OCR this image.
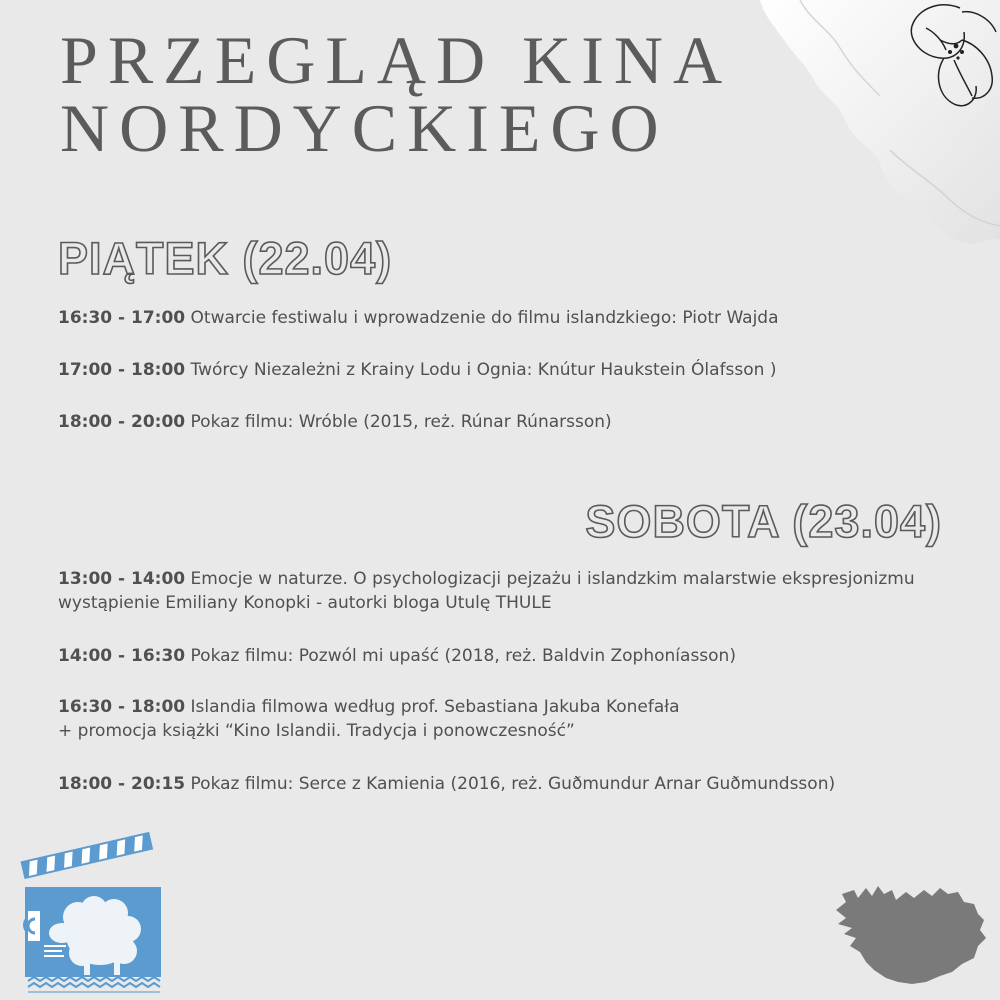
PRZEGLĄD KINA
NORDYCKIEGO
PIĄTEK (22.04)
16:30 - 17:00 Otwarcie festiwalu i wprowadzenie do filmu islandzkiego: Piotr Wajda
17:00 - 18:00 Twórcy Niezależni z Krainy Lodu i Ognia: Knútur Haukstein Ólafsson )
18:00 - 20:00 Pokaz filmu: Wróble (2015, reż. Rúnar Rúnarsson)
SOBOTA (23.04)
13:00 - 14:00 Emocje w naturze. O psychologizacji pejzażu i islandzkim malarstwie ekspresjonizmu
wystąpienie Emiliany Konopki - autorki bloga Utulę THULE
14:00 - 16:30 Pokaz filmu: Pozwól mi upaść (2018, reż. Baldvin Zophoníasson)
16:30 - 18:00 Islandia filmowa według prof. Sebastiana Jakuba Konefała
+ promocja książki “Kino Islandii. Tradycja i ponowczesność”
18:00 - 20:15 Pokaz filmu: Serce z Kamienia (2016, reż. Guðmundur Arnar Guðmundsson)
